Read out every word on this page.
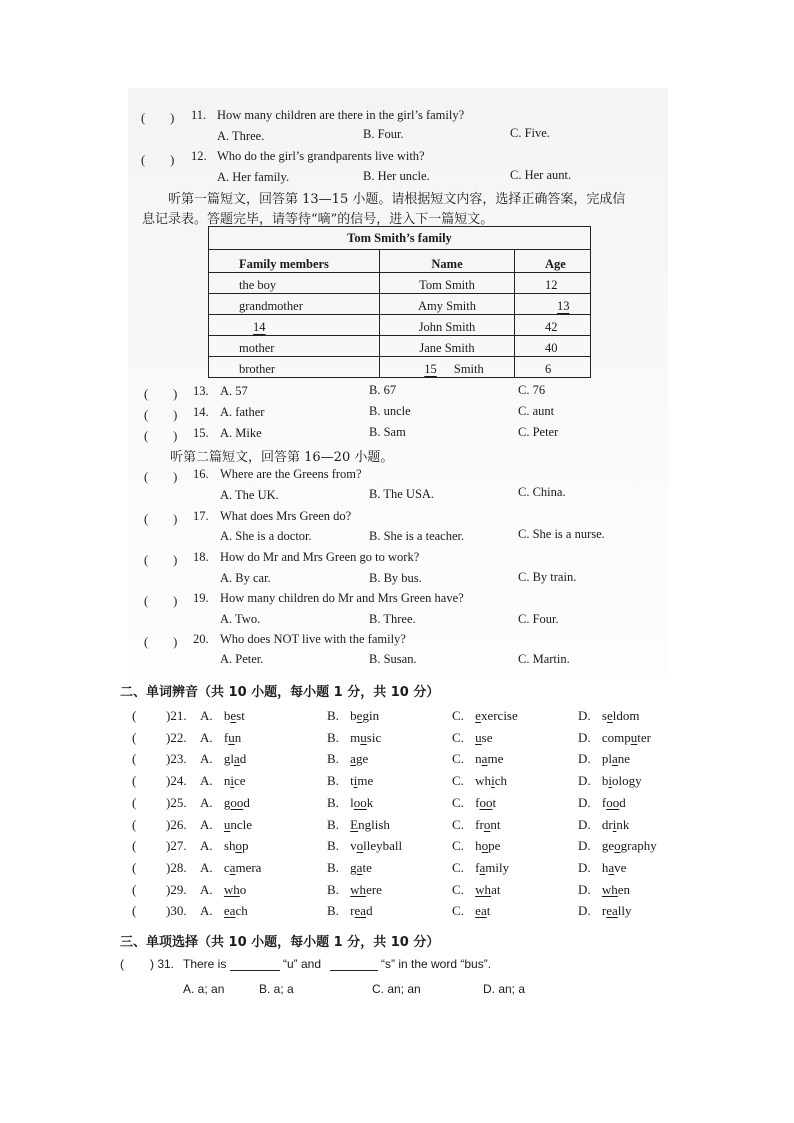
(　　) 11. How many children are there in the girl’s family?
A. Three.	B. Four.	C. Five.
(　　) 12. Who do the girl’s grandparents live with?
A. Her family.	B. Her uncle.	C. Her aunt.
听第一篇短文，回答第 13—15 小题。请根据短文内容，选择正确答案，完成信
息记录表。答题完毕，请等待“嘀”的信号，进入下一篇短文。
Tom Smith’s family		
Family members	Name	Age
the boy	Tom Smith	12
grandmother	Amy Smith	13
14	John Smith	42
mother	Jane Smith	40
brother	15 Smith	6
(　　) 13. A. 57	B. 67	C. 76
(　　) 14. A. father	B. uncle	C. aunt
(　　) 15. A. Mike	B. Sam	C. Peter
听第二篇短文，回答第 16—20 小题。
(　　) 16. Where are the Greens from?
A. The UK.	B. The USA.	C. China.
(　　) 17. What does Mrs Green do?
A. She is a doctor.	B. She is a teacher.	C. She is a nurse.
(　　) 18. How do Mr and Mrs Green go to work?
A. By car.	B. By bus.	C. By train.
(　　) 19. How many children do Mr and Mrs Green have?
A. Two.	B. Three.	C. Four.
(　　) 20. Who does NOT live with the family?
A. Peter.	B. Susan.	C. Martin.
二、单词辨音（共 10 小题，每小题 1 分，共 10 分）
( )21. A. best	B. begin	C. exercise	D. seldom
( )22. A. fun	B. music	C. use	D. computer
( )23. A. glad	B. age	C. name	D. plane
( )24. A. nice	B. time	C. which	D. biology
( )25. A. good	B. look	C. foot	D. food
( )26. A. uncle	B. English	C. front	D. drink
( )27. A. shop	B. volleyball	C. hope	D. geography
( )28. A. camera	B. gate	C. family	D. have
( )29. A. who	B. where	C. what	D. when
( )30. A. each	B. read	C. eat	D. really
三、单项选择（共 10 小题，每小题 1 分，共 10 分）
( ) 31. There is	“u” and	“s” in the word “bus”.
A. a; an	B. a; a	C. an; an	D. an; a
